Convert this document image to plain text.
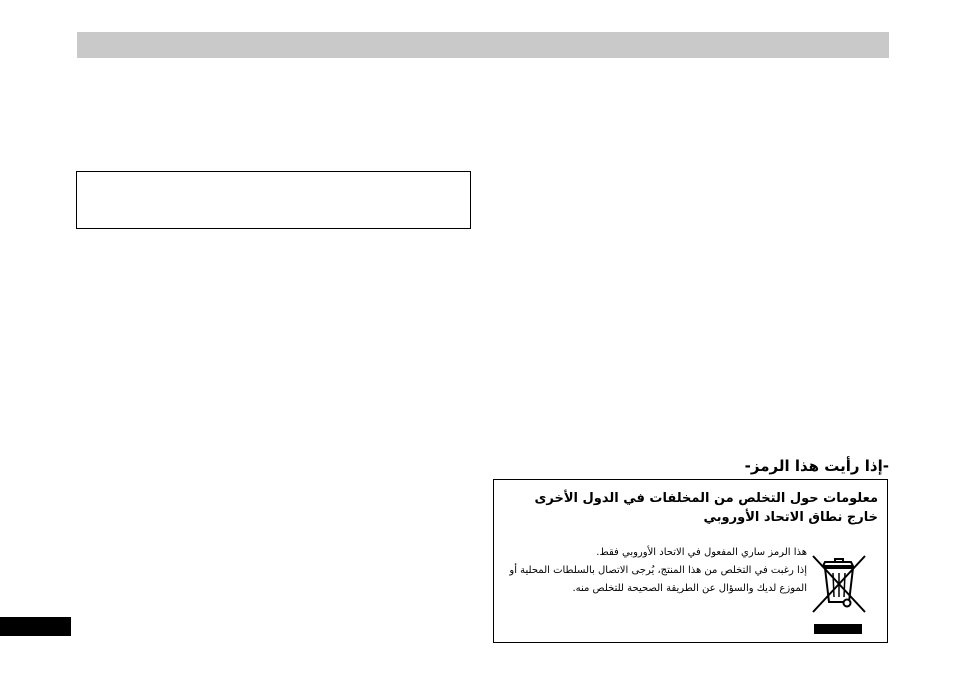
-إذا رأيت هذا الرمز-
معلومات حول التخلص من المخلفات في الدول الأخرى خارج نطاق الاتحاد الأوروبي

هذا الرمز ساري المفعول في الاتحاد الأوروبي فقط.

إذا رغبت في التخلص من هذا المنتج، يُرجى الاتصال بالسلطات المحلية أو الموزع لديك والسؤال عن الطريقة الصحيحة للتخلص منه.
